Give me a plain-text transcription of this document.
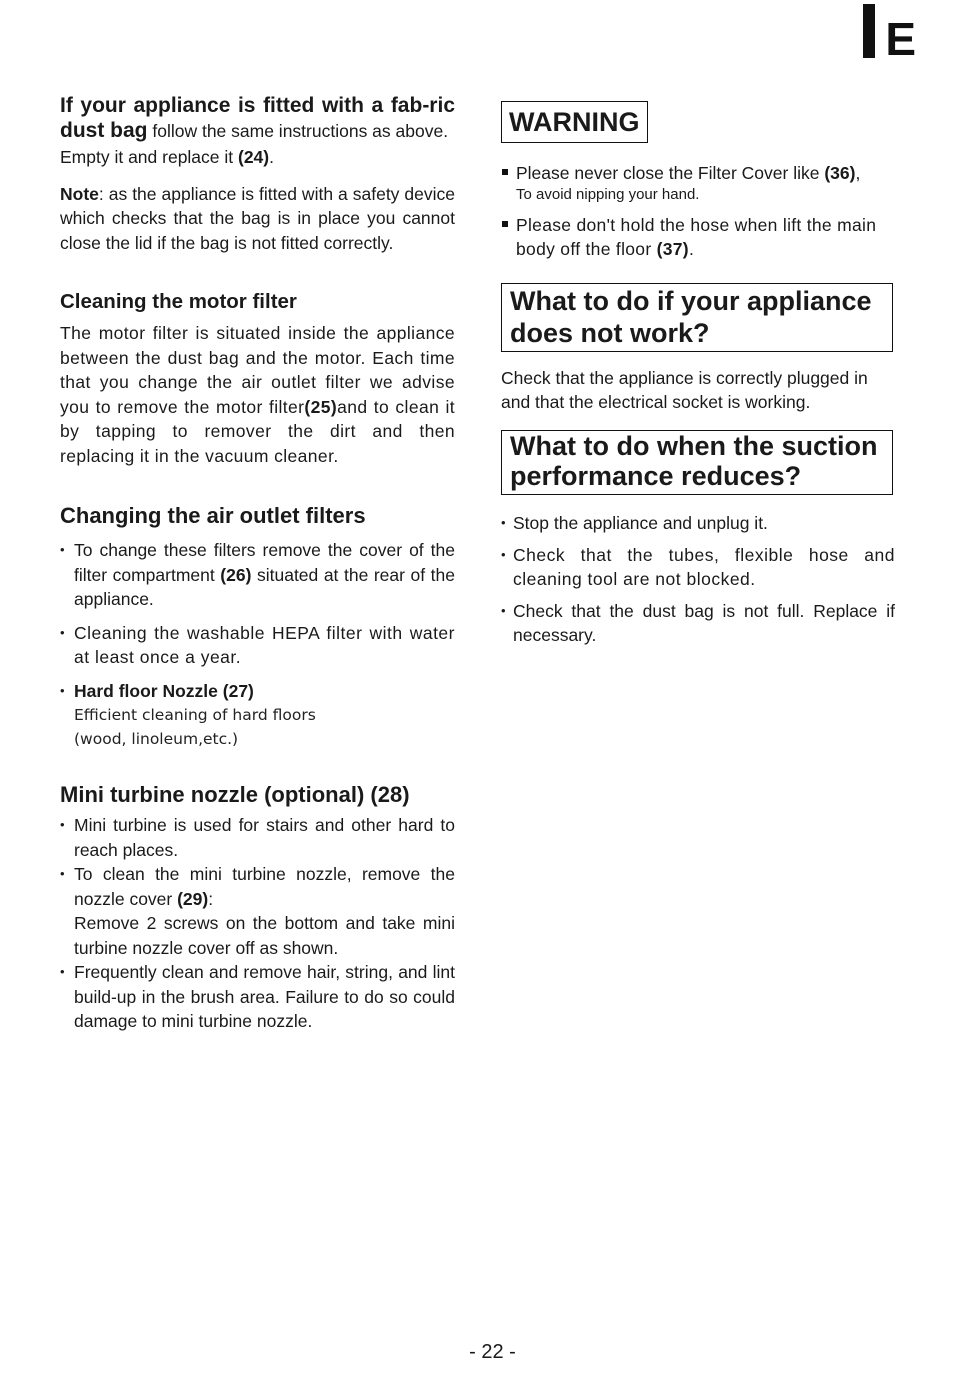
E

If your appliance is fitted with a fab-ric dust bag follow the same instructions as above.

Empty it and replace it (24).

Note: as the appliance is fitted with a safety device which checks that the bag is in place you cannot close the lid if the bag is not fitted correctly.

Cleaning the motor filter

The motor filter is situated inside the appliance between the dust bag and the motor. Each time that you change the air outlet filter we advise you to remove the motor filter(25)and to clean it by tapping to remover the dirt and then replacing it in the vacuum cleaner.

Changing the air outlet filters
• To change these filters remove the cover of the filter compartment (26) situated at the rear of the appliance.
• Cleaning the washable HEPA filter with water at least once a year.
• Hard floor Nozzle (27)
Efficient cleaning of hard floors
(wood, linoleum,etc.)
Mini turbine nozzle (optional) (28)
• Mini turbine is used for stairs and other hard to reach places.
• To clean the mini turbine nozzle, remove the nozzle cover (29):
Remove 2 screws on the bottom and take mini turbine nozzle cover off as shown.
• Frequently clean and remove hair, string, and lint build-up in the brush area. Failure to do so could damage to mini turbine nozzle.
WARNING
Please never close the Filter Cover like (36),
To avoid nipping your hand.
Please don't hold the hose when lift the main body off the floor (37).
What to do if your appliance does not work?

Check that the appliance is correctly plugged in and that the electrical socket is working.

What to do when the suction performance reduces?
• Stop the appliance and unplug it.
• Check that the tubes, flexible hose and cleaning tool are not blocked.
• Check that the dust bag is not full. Replace if necessary.
- 22 -
